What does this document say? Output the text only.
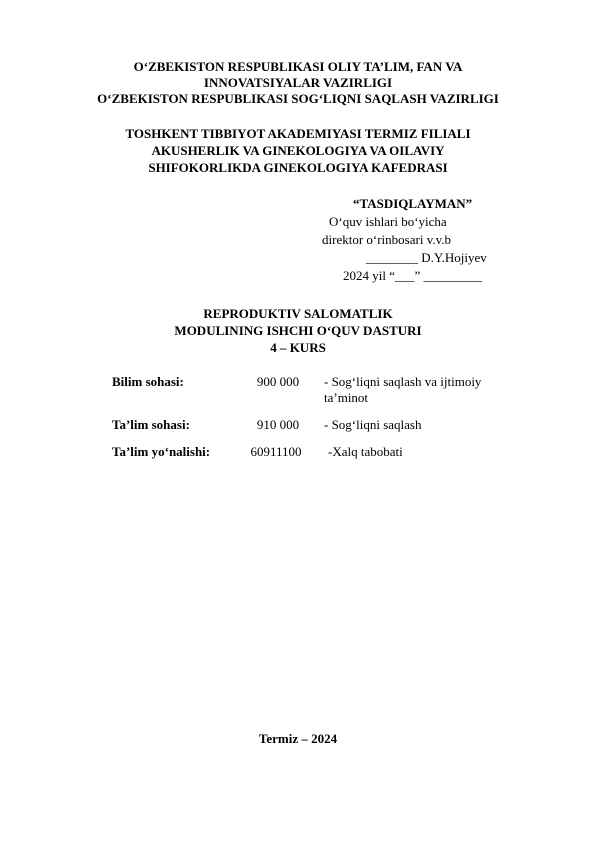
O‘ZBEKISTON RESPUBLIKASI OLIY TA’LIM, FAN VA
INNOVATSIYALAR VAZIRLIGI
O‘ZBEKISTON RESPUBLIKASI SOG‘LIQNI SAQLASH VAZIRLIGI
TOSHKENT TIBBIYOT AKADEMIYASI TERMIZ FILIALI
AKUSHERLIK VA GINEKOLOGIYA VA OILAVIY
SHIFOKORLIKDA GINEKOLOGIYA KAFEDRASI
“TASDIQLAYMAN”
O‘quv ishlari bo‘yicha
direktor o‘rinbosari v.v.b
________ D.Y.Hojiyev
2024 yil “___” _________
REPRODUKTIV SALOMATLIK
MODULINING ISHCHI O‘QUV DASTURI
4 – KURS
Bilim sohasi:	900 000	- Sog‘liqni saqlash va ijtimoiy
ta’minot
Ta’lim sohasi:	910 000	- Sog‘liqni saqlash
Ta’lim yo‘nalishi:	60911100	-Xalq tabobati
Termiz – 2024
